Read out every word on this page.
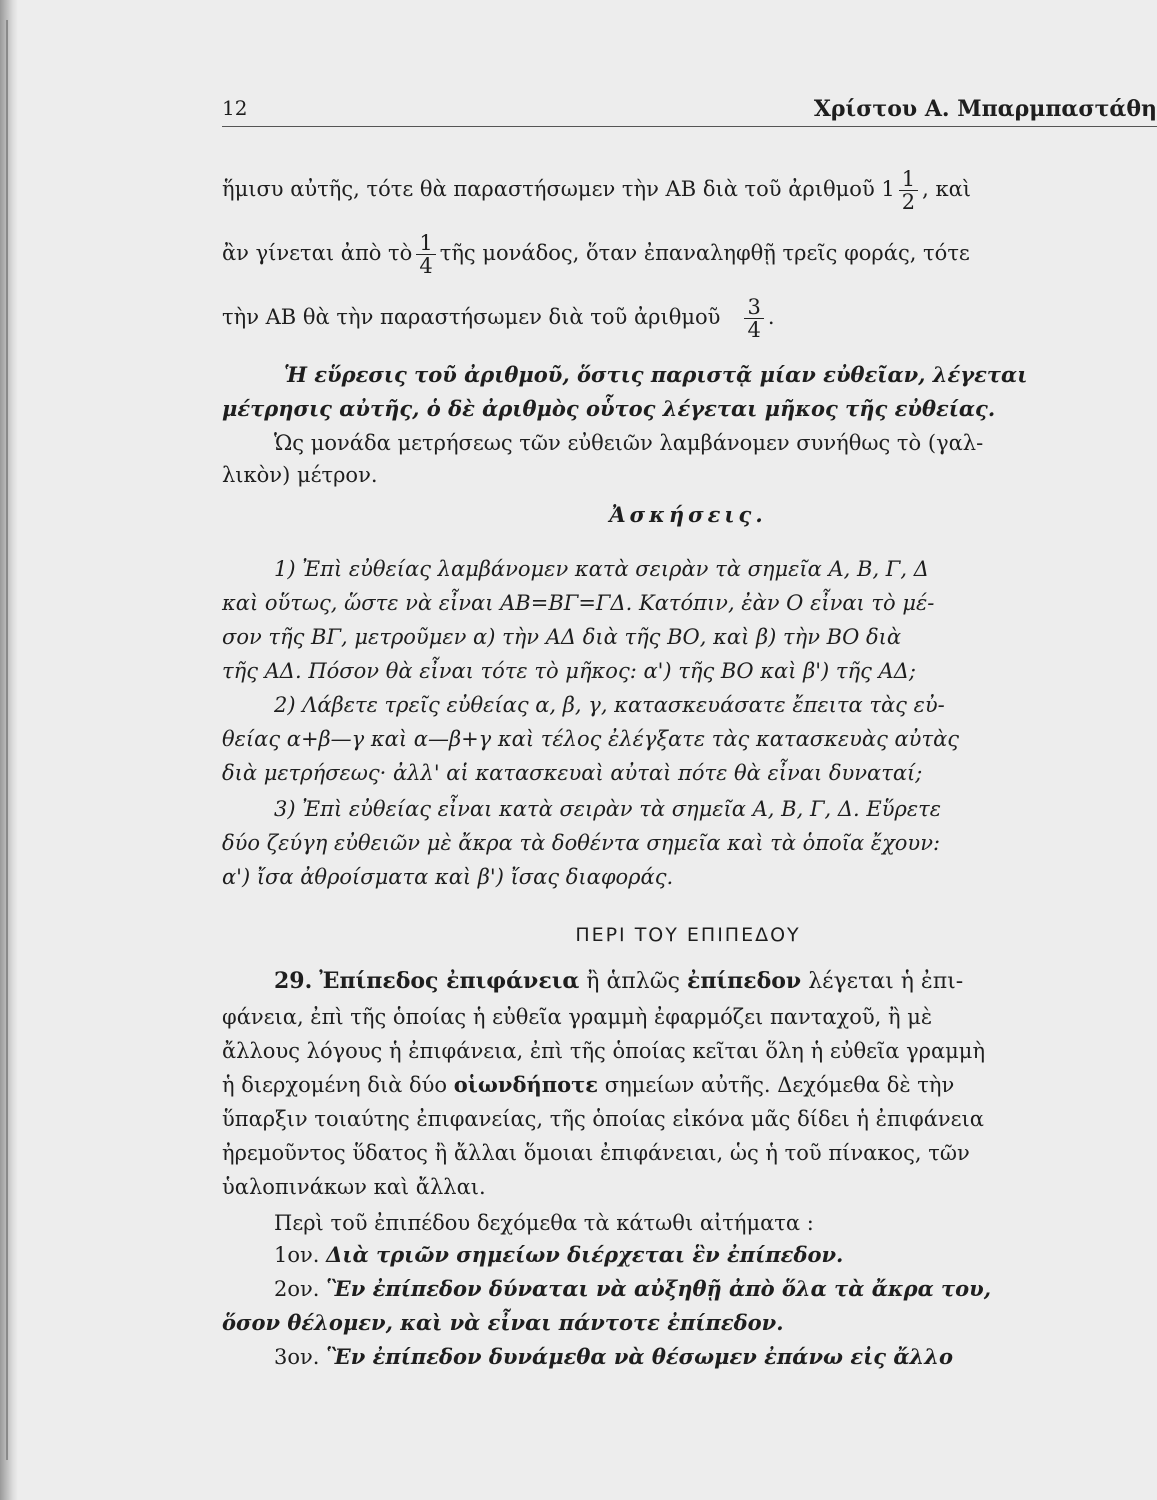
12	Χρίστου Α. Μπαρμπαστάθη
ἥμισυ αὐτῆς, τότε θὰ παραστήσωμεν τὴν ΑΒ διὰ τοῦ ἀριθμοῦ $1 \frac{1}{2}$ , καὶ
ἂν γίνεται ἀπὸ τὸ $\frac{1}{4}$ τῆς μονάδος, ὅταν ἐπαναληφθῇ τρεῖς φοράς, τότε
τὴν ΑΒ θὰ τὴν παραστήσωμεν διὰ τοῦ ἀριθμοῦ $\frac{3}{4}$ .
Ἡ εὕρεσις τοῦ ἀριθμοῦ, ὅστις παριστᾷ μίαν εὐθεῖαν, λέγεται
μέτρησις αὐτῆς, ὁ δὲ ἀριθμὸς οὗτος λέγεται μῆκος τῆς εὐθείας.
Ὡς μονάδα μετρήσεως τῶν εὐθειῶν λαμβάνομεν συνήθως τὸ (γαλ-
λικὸν) μέτρον.
Ἀσκήσεις.
1) Ἐπὶ εὐθείας λαμβάνομεν κατὰ σειρὰν τὰ σημεῖα Α, Β, Γ, Δ
καὶ οὕτως, ὥστε νὰ εἶναι ΑΒ=ΒΓ=ΓΔ. Κατόπιν, ἐὰν Ο εἶναι τὸ μέ-
σον τῆς ΒΓ, μετροῦμεν α) τὴν ΑΔ διὰ τῆς ΒΟ, καὶ β) τὴν ΒΟ διὰ
τῆς ΑΔ. Πόσον θὰ εἶναι τότε τὸ μῆκος: α') τῆς ΒΟ καὶ β') τῆς ΑΔ;
2) Λάβετε τρεῖς εὐθείας α, β, γ, κατασκευάσατε ἔπειτα τὰς εὐ-
θείας α+β—γ καὶ α—β+γ καὶ τέλος ἐλέγξατε τὰς κατασκευὰς αὐτὰς
διὰ μετρήσεως· ἀλλ' αἱ κατασκευαὶ αὐταὶ πότε θὰ εἶναι δυναταί;
3) Ἐπὶ εὐθείας εἶναι κατὰ σειρὰν τὰ σημεῖα Α, Β, Γ, Δ. Εὕρετε
δύο ζεύγη εὐθειῶν μὲ ἄκρα τὰ δοθέντα σημεῖα καὶ τὰ ὁποῖα ἔχουν:
α') ἴσα ἀθροίσματα καὶ β') ἴσας διαφοράς.
ΠΕΡΙ ΤΟΥ ΕΠΙΠΕΔΟΥ
29. Ἐπίπεδος ἐπιφάνεια ἢ ἁπλῶς ἐπίπεδον λέγεται ἡ ἐπι-
φάνεια, ἐπὶ τῆς ὁποίας ἡ εὐθεῖα γραμμὴ ἐφαρμόζει πανταχοῦ, ἢ μὲ
ἄλλους λόγους ἡ ἐπιφάνεια, ἐπὶ τῆς ὁποίας κεῖται ὅλη ἡ εὐθεῖα γραμμὴ
ἡ διερχομένη διὰ δύο οἱωνδήποτε σημείων αὐτῆς. Δεχόμεθα δὲ τὴν
ὕπαρξιν τοιαύτης ἐπιφανείας, τῆς ὁποίας εἰκόνα μᾶς δίδει ἡ ἐπιφάνεια
ἠρεμοῦντος ὕδατος ἢ ἄλλαι ὅμοιαι ἐπιφάνειαι, ὡς ἡ τοῦ πίνακος, τῶν
ὑαλοπινάκων καὶ ἄλλαι.
Περὶ τοῦ ἐπιπέδου δεχόμεθα τὰ κάτωθι αἰτήματα :
1ον. Διὰ τριῶν σημείων διέρχεται ἓν ἐπίπεδον.
2ον. Ἓν ἐπίπεδον δύναται νὰ αὐξηθῇ ἀπὸ ὅλα τὰ ἄκρα του,
ὅσον θέλομεν, καὶ νὰ εἶναι πάντοτε ἐπίπεδον.
3ον. Ἓν ἐπίπεδον δυνάμεθα νὰ θέσωμεν ἐπάνω εἰς ἄλλο
